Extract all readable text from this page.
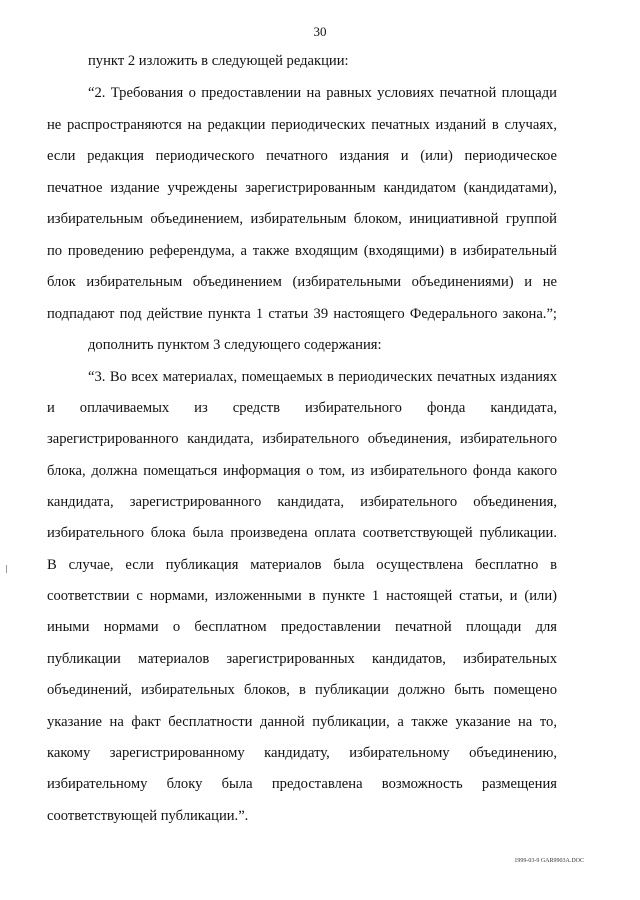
30
пункт 2 изложить в следующей редакции:
“2. Требования о предоставлении на равных условиях печатной площади
не распространяются на редакции периодических печатных изданий в случаях,
если редакция периодического печатного издания и (или) периодическое
печатное издание учреждены зарегистрированным кандидатом (кандидатами),
избирательным объединением, избирательным блоком, инициативной группой
по проведению референдума, а также входящим (входящими) в избирательный
блок избирательным объединением (избирательными объединениями) и не
подпадают под действие пункта 1 статьи 39 настоящего Федерального закона.”;
дополнить пунктом 3 следующего содержания:
“3. Во всех материалах, помещаемых в периодических печатных изданиях
и оплачиваемых из средств избирательного фонда кандидата,
зарегистрированного кандидата, избирательного объединения, избирательного
блока, должна помещаться информация о том, из избирательного фонда какого
кандидата, зарегистрированного кандидата, избирательного объединения,
избирательного блока была произведена оплата соответствующей публикации.
В случае, если публикация материалов была осуществлена бесплатно в
соответствии с нормами, изложенными в пункте 1 настоящей статьи, и (или)
иными нормами о бесплатном предоставлении печатной площади для
публикации материалов зарегистрированных кандидатов, избирательных
объединений, избирательных блоков, в публикации должно быть помещено
указание на факт бесплатности данной публикации, а также указание на то,
какому зарегистрированному кандидату, избирательному объединению,
избирательному блоку была предоставлена возможность размещения
соответствующей публикации.”.
1999-03-9 GAR9903A.DOC
